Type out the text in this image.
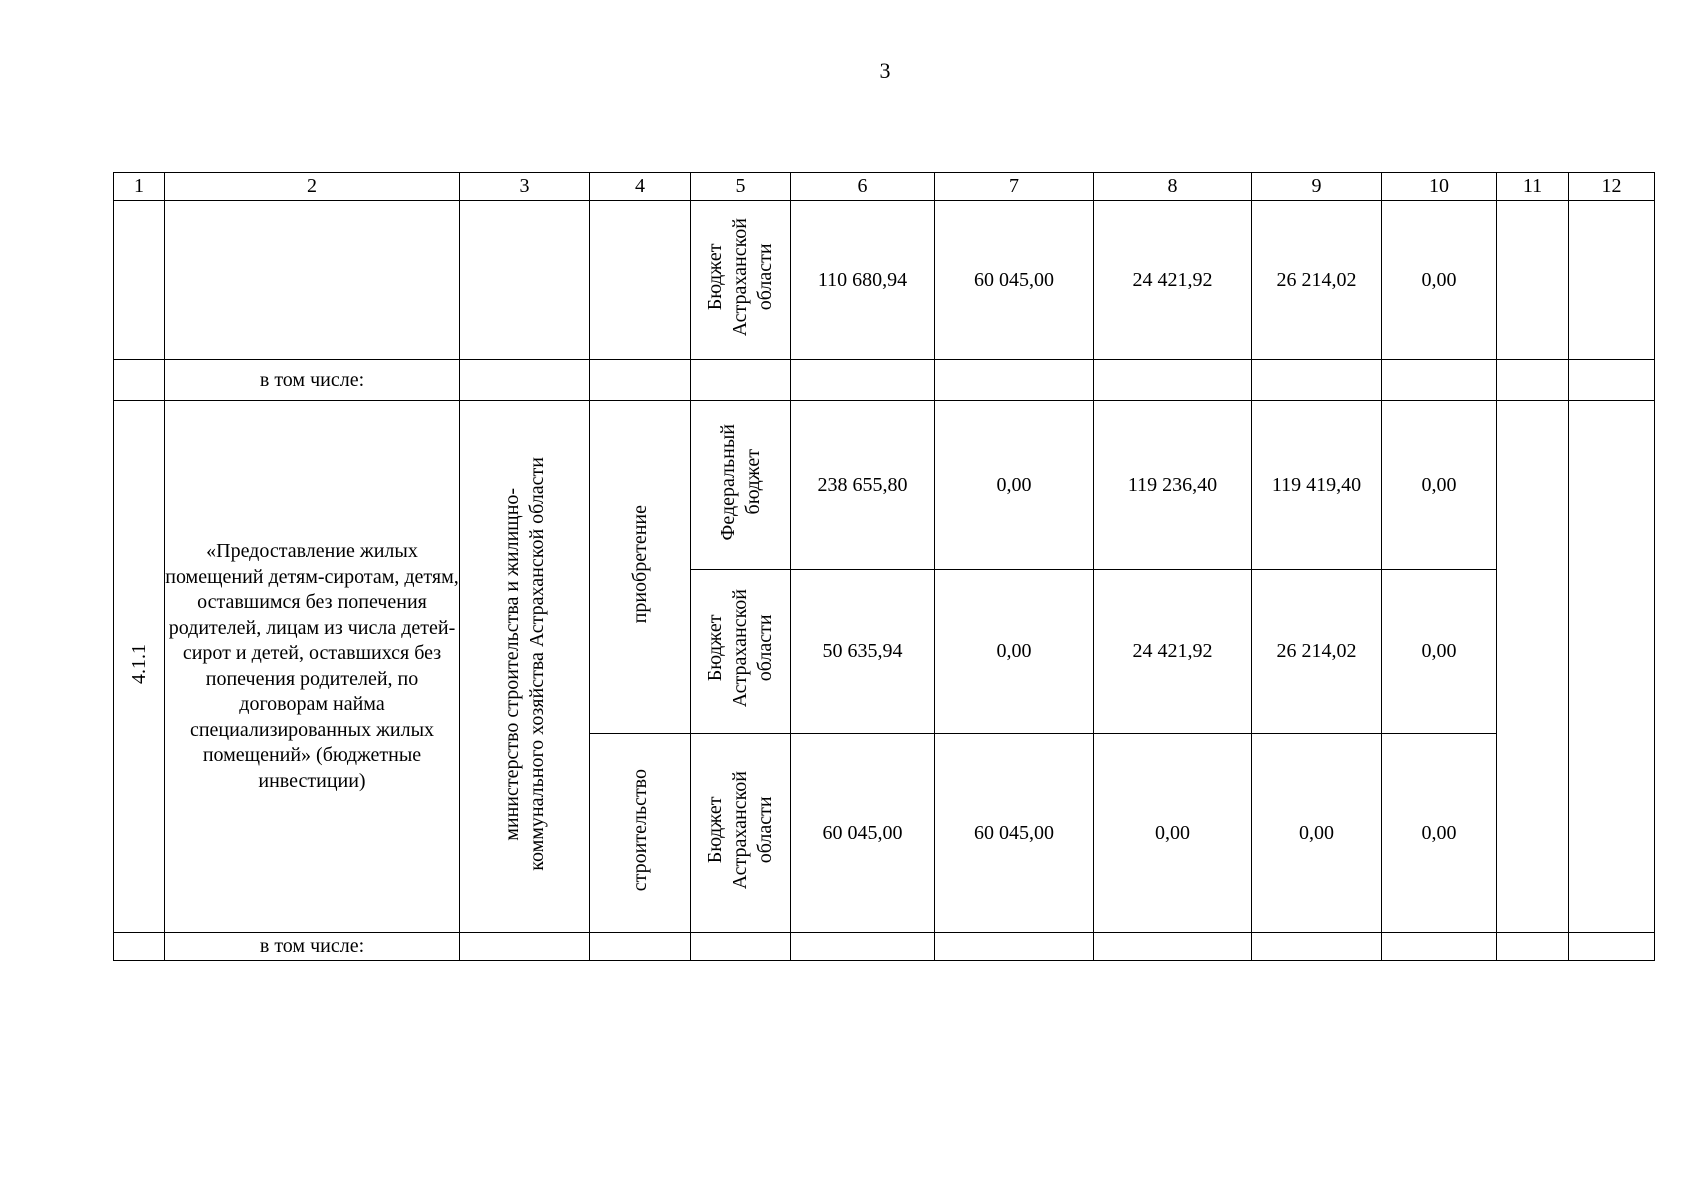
3
1	2	3	4	5	6	7	8	9	10	11	12
				Бюджет
Астраханской
области	110 680,94	60 045,00	24 421,92	26 214,02	0,00		
	в том числе:										
4.1.1	«Предоставление жилых помещений детям-сиротам, детям, оставшимся без попечения родителей, лицам из числа детей-сирот и детей, оставшихся без попечения родителей, по договорам найма специализированных жилых помещений» (бюджетные инвестиции)	министерство строительства и жилищно-
коммунального хозяйства Астраханской области	приобретение	Федеральный
бюджет	238 655,80	0,00	119 236,40	119 419,40	0,00		
				Бюджет
Астраханской
области	50 635,94	0,00	24 421,92	26 214,02	0,00		
			строительство	Бюджет
Астраханской
области	60 045,00	60 045,00	0,00	0,00	0,00		
	в том числе:										
